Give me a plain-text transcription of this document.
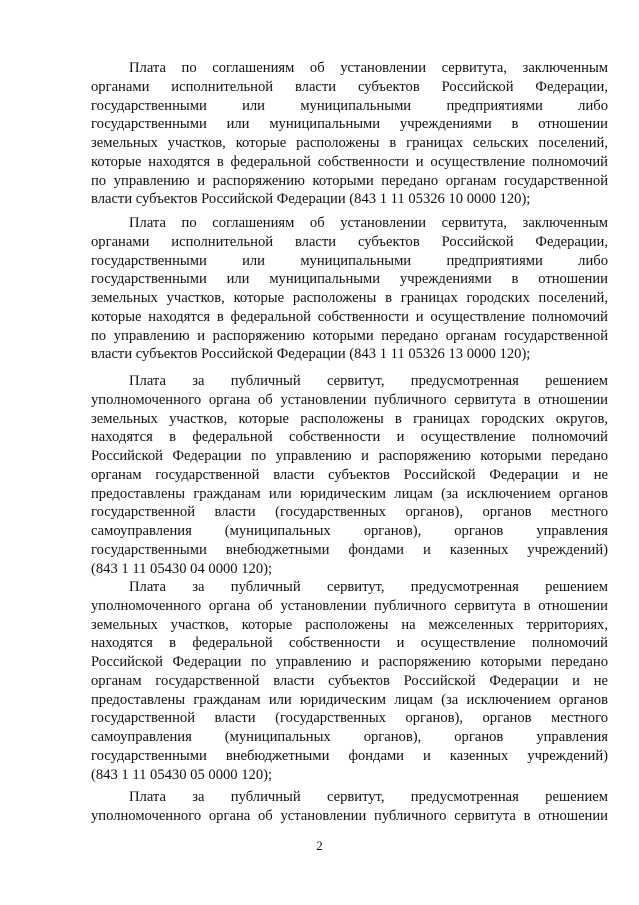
Плата по соглашениям об установлении сервитута, заключенным
органами исполнительной власти субъектов Российской Федерации,
государственными или муниципальными предприятиями либо
государственными или муниципальными учреждениями в отношении
земельных участков, которые расположены в границах сельских поселений,
которые находятся в федеральной собственности и осуществление полномочий
по управлению и распоряжению которыми передано органам государственной
власти субъектов Российской Федерации (843 1 11 05326 10 0000 120);
Плата по соглашениям об установлении сервитута, заключенным
органами исполнительной власти субъектов Российской Федерации,
государственными или муниципальными предприятиями либо
государственными или муниципальными учреждениями в отношении
земельных участков, которые расположены в границах городских поселений,
которые находятся в федеральной собственности и осуществление полномочий
по управлению и распоряжению которыми передано органам государственной
власти субъектов Российской Федерации (843 1 11 05326 13 0000 120);
Плата за публичный сервитут, предусмотренная решением
уполномоченного органа об установлении публичного сервитута в отношении
земельных участков, которые расположены в границах городских округов,
находятся в федеральной собственности и осуществление полномочий
Российской Федерации по управлению и распоряжению которыми передано
органам государственной власти субъектов Российской Федерации и не
предоставлены гражданам или юридическим лицам (за исключением органов
государственной власти (государственных органов), органов местного
самоуправления (муниципальных органов), органов управления
государственными внебюджетными фондами и казенных учреждений)
(843 1 11 05430 04 0000 120);
Плата за публичный сервитут, предусмотренная решением
уполномоченного органа об установлении публичного сервитута в отношении
земельных участков, которые расположены на межселенных территориях,
находятся в федеральной собственности и осуществление полномочий
Российской Федерации по управлению и распоряжению которыми передано
органам государственной власти субъектов Российской Федерации и не
предоставлены гражданам или юридическим лицам (за исключением органов
государственной власти (государственных органов), органов местного
самоуправления (муниципальных органов), органов управления
государственными внебюджетными фондами и казенных учреждений)
(843 1 11 05430 05 0000 120);
Плата за публичный сервитут, предусмотренная решением
уполномоченного органа об установлении публичного сервитута в отношении
2
